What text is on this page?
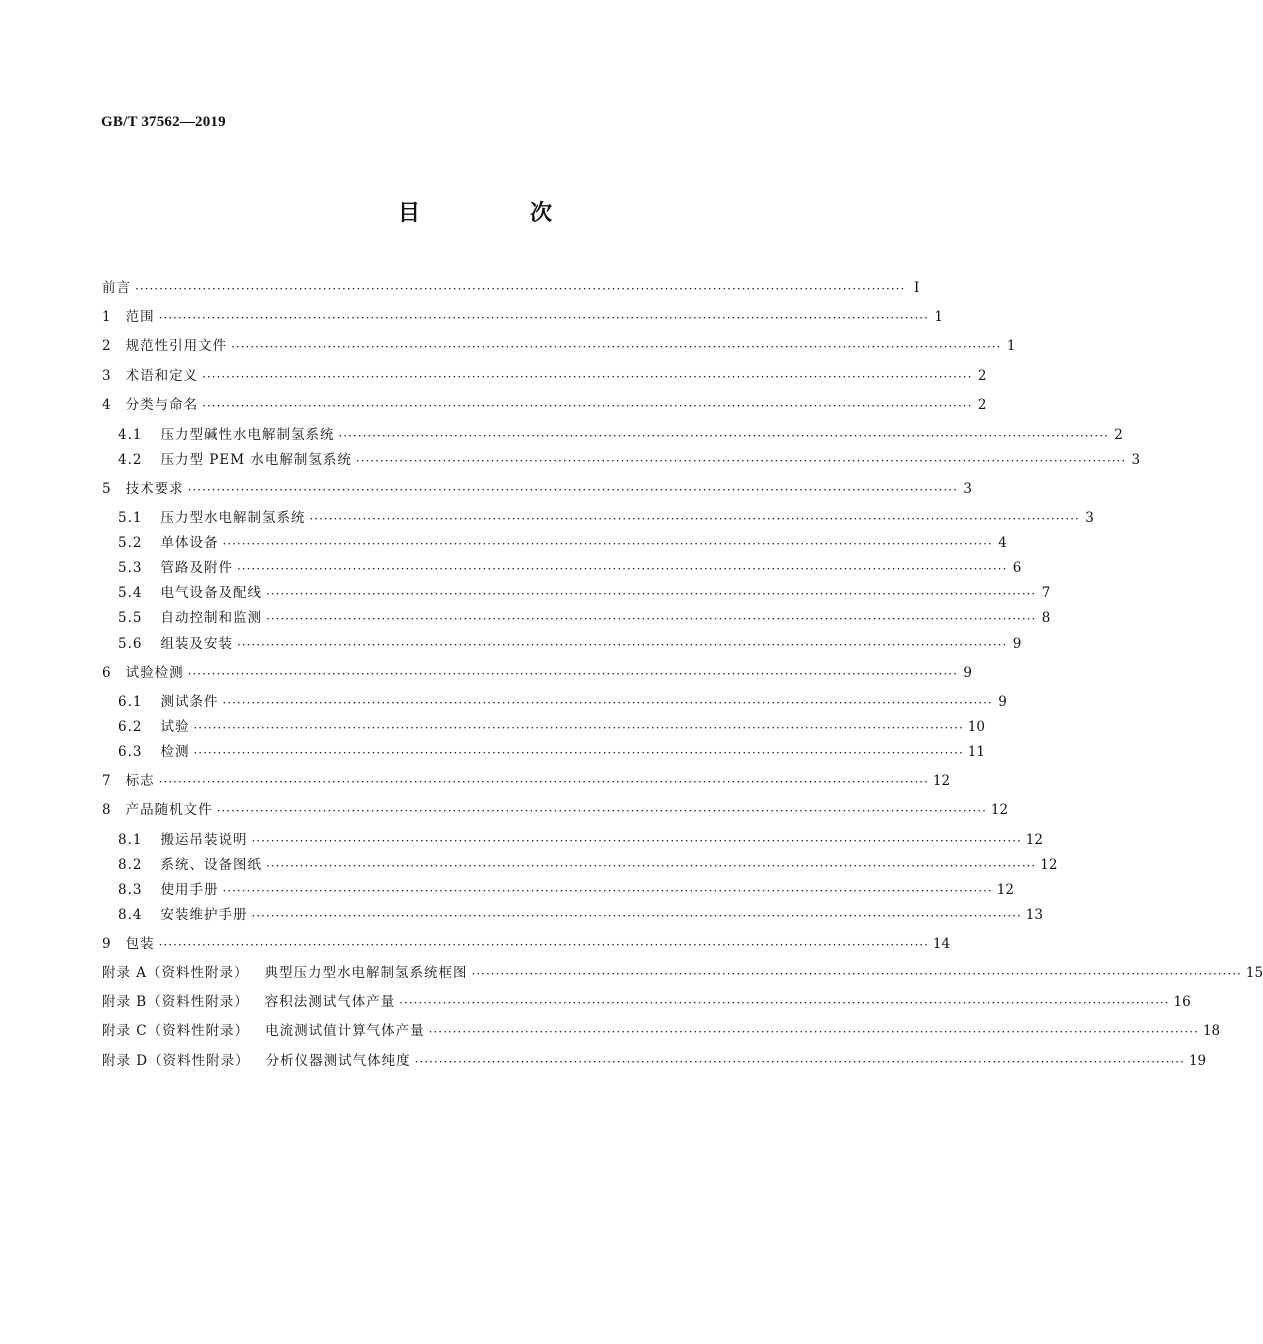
GB/T 37562—2019
目　次
前言 ································································································································································ Ⅰ
1 范围 ································································································································································ 1
2 规范性引用文件 ································································································································································ 1
3 术语和定义 ································································································································································ 2
4 分类与命名 ································································································································································ 2
4.1 压力型碱性水电解制氢系统 ································································································································································ 2
4.2 压力型 PEM 水电解制氢系统 ································································································································································ 3
5 技术要求 ································································································································································ 3
5.1 压力型水电解制氢系统 ································································································································································ 3
5.2 单体设备 ································································································································································ 4
5.3 管路及附件 ································································································································································ 6
5.4 电气设备及配线 ································································································································································ 7
5.5 自动控制和监测 ································································································································································ 8
5.6 组装及安装 ································································································································································ 9
6 试验检测 ································································································································································ 9
6.1 测试条件 ································································································································································ 9
6.2 试验 ································································································································································ 10
6.3 检测 ································································································································································ 11
7 标志 ································································································································································ 12
8 产品随机文件 ································································································································································ 12
8.1 搬运吊装说明 ································································································································································ 12
8.2 系统、设备图纸 ································································································································································ 12
8.3 使用手册 ································································································································································ 12
8.4 安装维护手册 ································································································································································ 13
9 包装 ································································································································································ 14
附录 A（资料性附录） 典型压力型水电解制氢系统框图 ································································································································································ 15
附录 B（资料性附录） 容积法测试气体产量 ································································································································································ 16
附录 C（资料性附录） 电流测试值计算气体产量 ································································································································································ 18
附录 D（资料性附录） 分析仪器测试气体纯度 ································································································································································ 19
